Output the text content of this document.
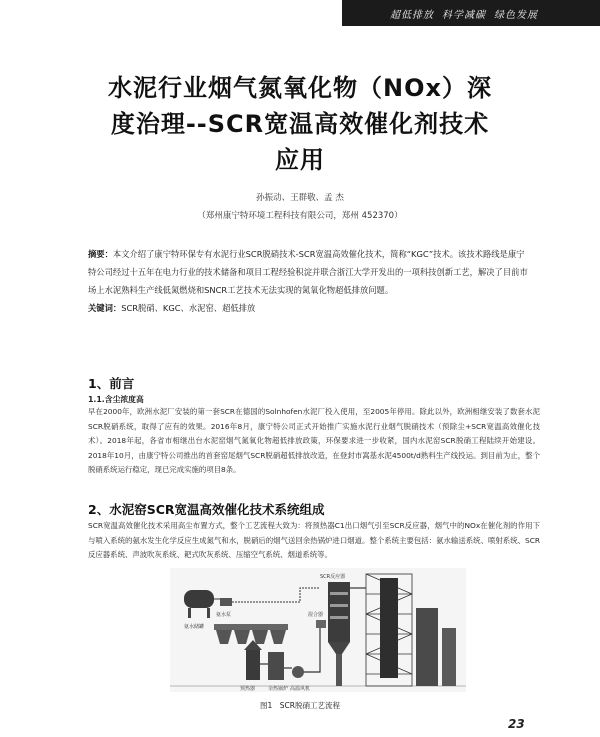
超低排放 科学减碳 绿色发展
水泥行业烟气氮氧化物（NOx）深
度治理--SCR宽温高效催化剂技术
应用
孙振动、王群敬、孟 杰
（郑州康宁特环境工程科技有限公司，郑州 452370）
摘要：本文介绍了康宁特环保专有水泥行业SCR脱硝技术-SCR宽温高效催化技术，简称“KGC”技术。该技术路线是康宁特公司经过十五年在电力行业的技术储备和项目工程经验积淀并联合浙江大学开发出的一项科技创新工艺，解决了目前市场上水泥熟料生产线低氮燃烧和SNCR工艺技术无法实现的氮氧化物超低排放问题。
关键词：SCR脱硝、KGC、水泥窑、超低排放
1、前言
1.1.含尘浓度高
早在2000年，欧洲水泥厂安装的第一套SCR在德国的Solnhofen水泥厂投入使用，至2005年停用。除此以外，欧洲相继安装了数套水泥SCR脱硝系统，取得了应有的效果。2016年8月，康宁特公司正式开始推广实施水泥行业烟气脱硝技术（预除尘+SCR宽温高效催化技术）。2018年起，各省市相继出台水泥窑烟气氮氧化物超低排放政策，环保要求进一步收紧，国内水泥窑SCR脱硝工程陆续开始建设。2018年10月，由康宁特公司推出的首套窑尾烟气SCR脱硝超低排放改造，在登封市嵩基水泥4500t/d熟料生产线投运。到目前为止，整个脱硝系统运行稳定，现已完成实施的项目8条。
2、水泥窑SCR宽温高效催化技术系统组成
SCR宽温高效催化技术采用高尘布置方式，整个工艺流程大致为：将预热器C1出口烟气引至SCR反应器，烟气中的NOx在催化剂的作用下与喷入系统的氨水发生化学反应生成氮气和水，脱硝后的烟气送回余热锅炉进口烟道。整个系统主要包括：氨水输送系统、喷射系统、SCR反应器系统、声波吹灰系统、耙式吹灰系统、压缩空气系统、烟道系统等。
氨水储罐
氨水泵
预热器	余热锅炉 高温风机
混合器
SCR反应器
图1　SCR脱硝工艺流程
23
